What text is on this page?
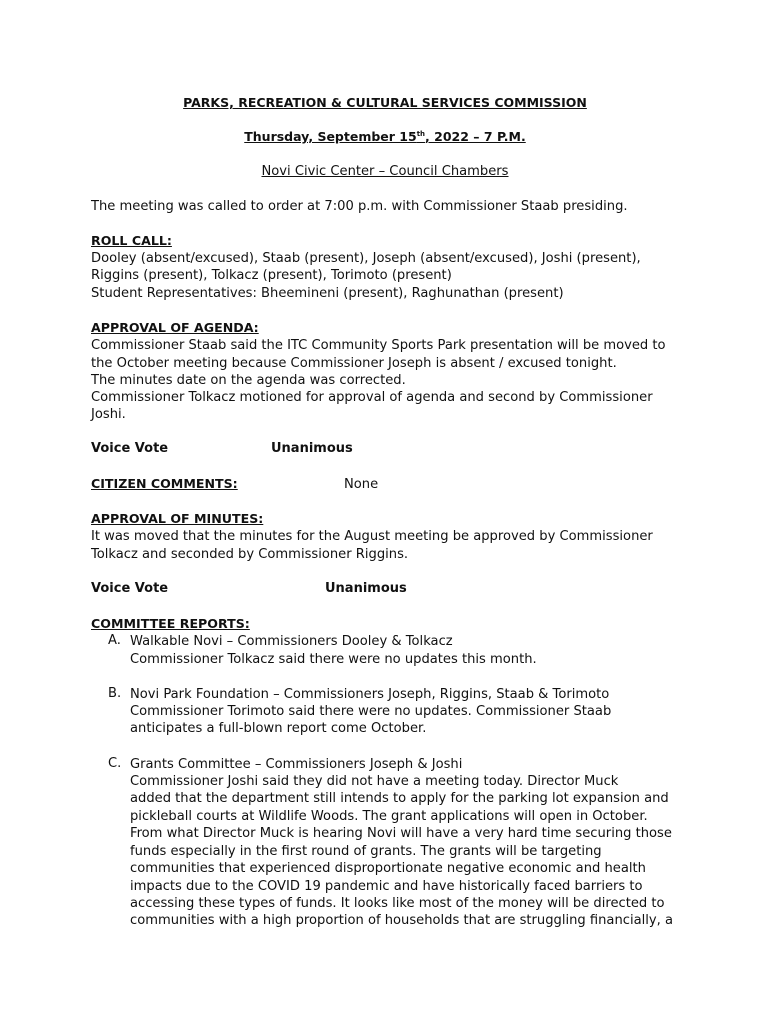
PARKS, RECREATION & CULTURAL SERVICES COMMISSION
Thursday, September 15th, 2022 – 7 P.M.
Novi Civic Center – Council Chambers
The meeting was called to order at 7:00 p.m. with Commissioner Staab presiding.
ROLL CALL:
Dooley (absent/excused), Staab (present), Joseph (absent/excused), Joshi (present),
Riggins (present), Tolkacz (present), Torimoto (present)
Student Representatives: Bheemineni (present), Raghunathan (present)
APPROVAL OF AGENDA:
Commissioner Staab said the ITC Community Sports Park presentation will be moved to
the October meeting because Commissioner Joseph is absent / excused tonight.
The minutes date on the agenda was corrected.
Commissioner Tolkacz motioned for approval of agenda and second by Commissioner
Joshi.
Voice Vote	Unanimous
CITIZEN COMMENTS:	None
APPROVAL OF MINUTES:
It was moved that the minutes for the August meeting be approved by Commissioner
Tolkacz and seconded by Commissioner Riggins.
Voice Vote	Unanimous
COMMITTEE REPORTS:
A. Walkable Novi – Commissioners Dooley & Tolkacz
Commissioner Tolkacz said there were no updates this month.
B. Novi Park Foundation – Commissioners Joseph, Riggins, Staab & Torimoto
Commissioner Torimoto said there were no updates. Commissioner Staab
anticipates a full-blown report come October.
C. Grants Committee – Commissioners Joseph & Joshi
Commissioner Joshi said they did not have a meeting today. Director Muck
added that the department still intends to apply for the parking lot expansion and
pickleball courts at Wildlife Woods. The grant applications will open in October.
From what Director Muck is hearing Novi will have a very hard time securing those
funds especially in the first round of grants. The grants will be targeting
communities that experienced disproportionate negative economic and health
impacts due to the COVID 19 pandemic and have historically faced barriers to
accessing these types of funds. It looks like most of the money will be directed to
communities with a high proportion of households that are struggling financially, a
